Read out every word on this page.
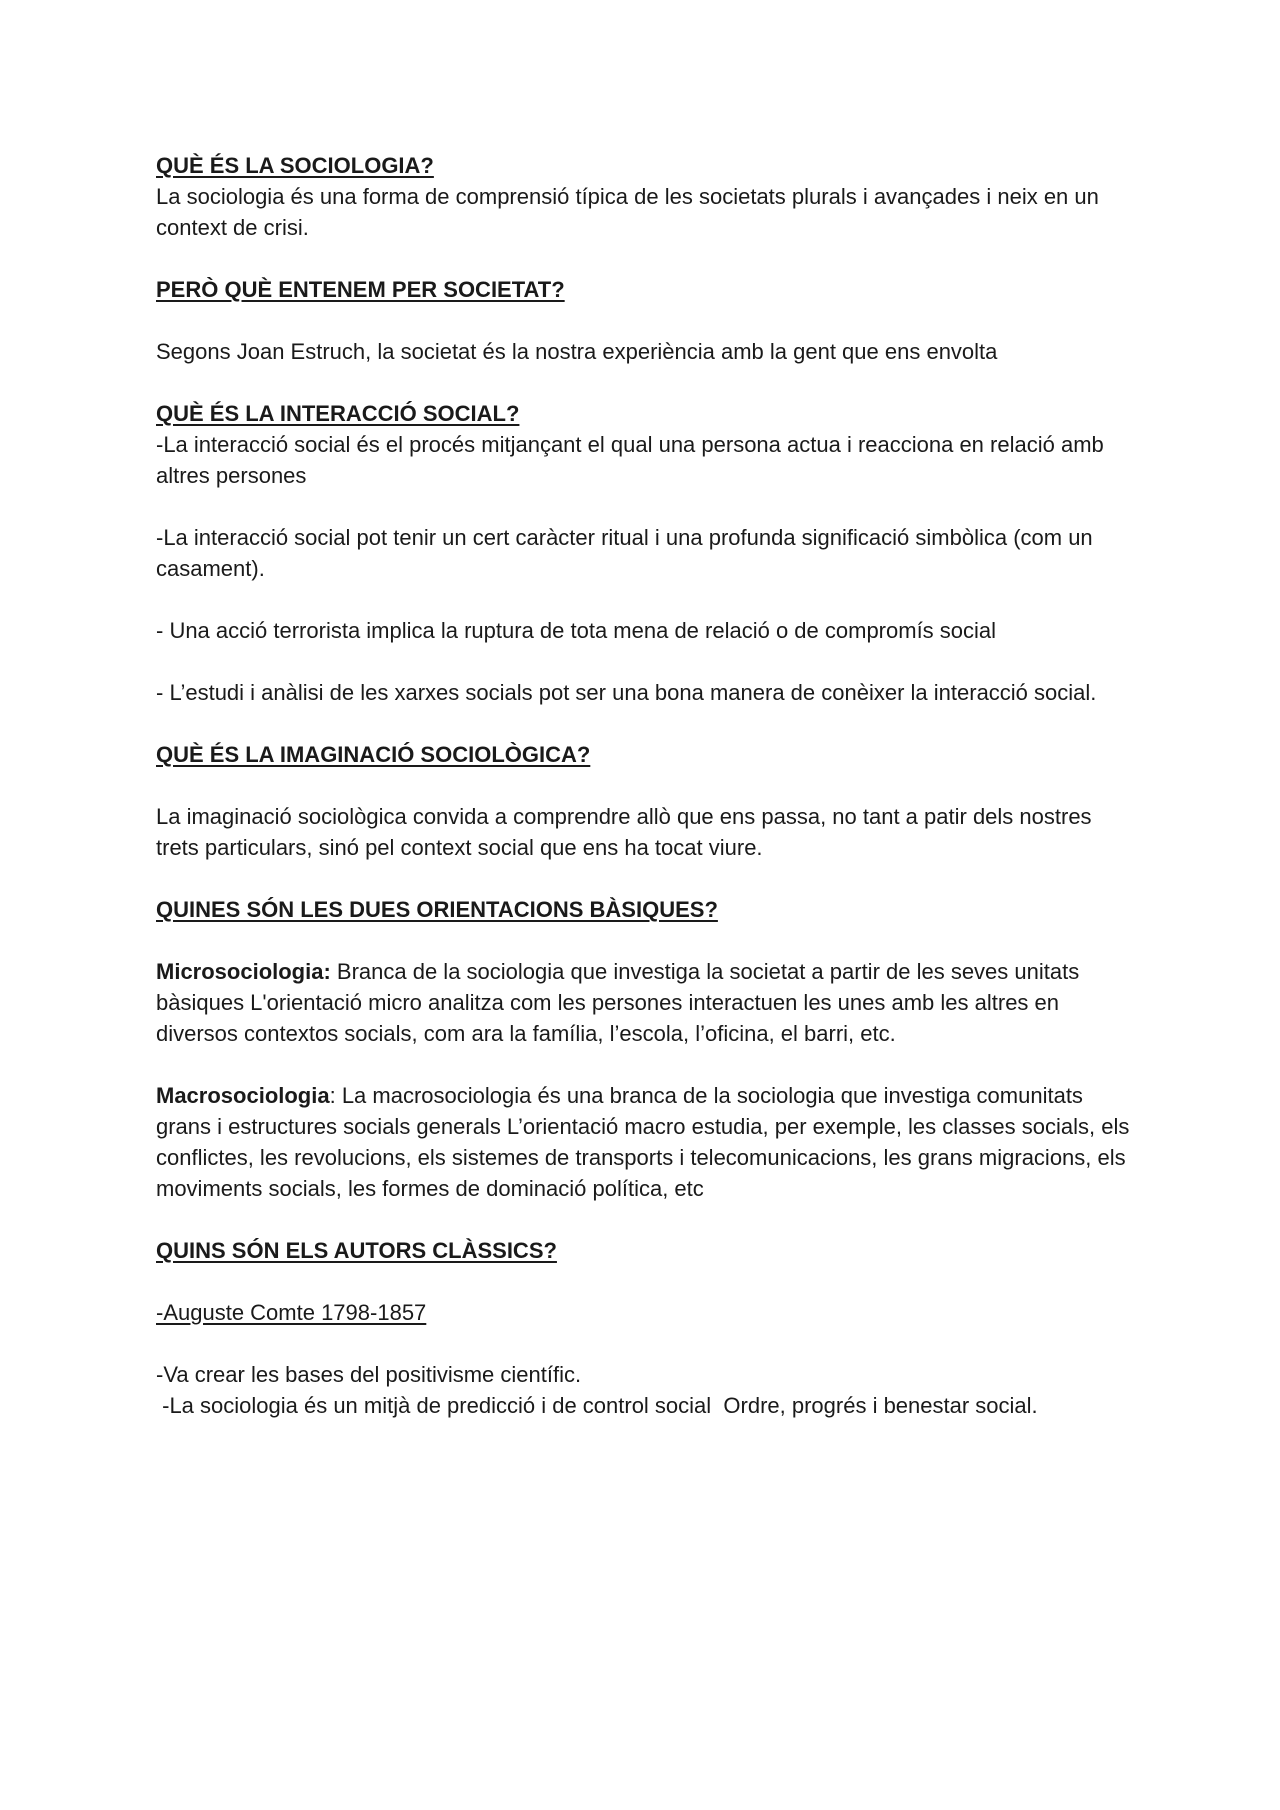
QUÈ ÉS LA SOCIOLOGIA?

La sociologia és una forma de comprensió típica de les societats plurals i avançades i neix en un context de crisi.

PERÒ QUÈ ENTENEM PER SOCIETAT?

Segons Joan Estruch, la societat és la nostra experiència amb la gent que ens envolta

QUÈ ÉS LA INTERACCIÓ SOCIAL?

-La interacció social és el procés mitjançant el qual una persona actua i reacciona en relació amb altres persones

-La interacció social pot tenir un cert caràcter ritual i una profunda significació simbòlica (com un casament).

- Una acció terrorista implica la ruptura de tota mena de relació o de compromís social

- L’estudi i anàlisi de les xarxes socials pot ser una bona manera de conèixer la interacció social.

QUÈ ÉS LA IMAGINACIÓ SOCIOLÒGICA?

La imaginació sociològica convida a comprendre allò que ens passa, no tant a patir dels nostres trets particulars, sinó pel context social que ens ha tocat viure.

QUINES SÓN LES DUES ORIENTACIONS BÀSIQUES?

Microsociologia: Branca de la sociologia que investiga la societat a partir de les seves unitats bàsiques L'orientació micro analitza com les persones interactuen les unes amb les altres en diversos contextos socials, com ara la família, l’escola, l’oficina, el barri, etc.

Macrosociologia: La macrosociologia és una branca de la sociologia que investiga comunitats grans i estructures socials generals L’orientació macro estudia, per exemple, les classes socials, els conflictes, les revolucions, els sistemes de transports i telecomunicacions, les grans migracions, els moviments socials, les formes de dominació política, etc

QUINS SÓN ELS AUTORS CLÀSSICS?

-Auguste Comte 1798-1857

-Va crear les bases del positivisme científic.

-La sociologia és un mitjà de predicció i de control social  Ordre, progrés i benestar social.
